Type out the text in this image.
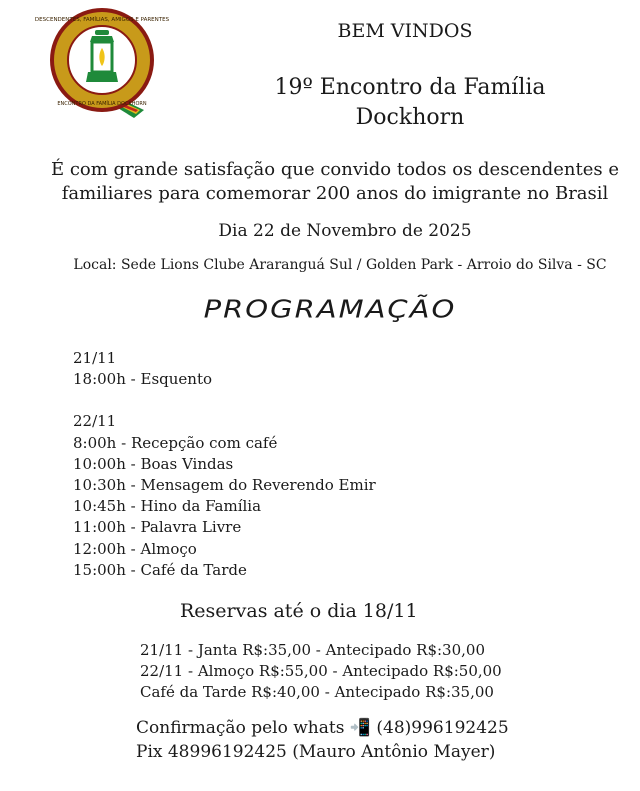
DESCENDENTES, FAMÍLIAS, AMIGOS E PARENTES
ENCONTRO DA FAMÍLIA DOCKHORN
BEM VINDOS
19º Encontro da Família
Dockhorn
É com grande satisfação que convido todos os descendentes e
familiares para comemorar 200 anos do imigrante no Brasil
Dia 22 de Novembro de 2025
Local: Sede Lions Clube Araranguá Sul / Golden Park - Arroio do Silva - SC
PROGRAMAÇÃO
21/11
18:00h - Esquento
22/11
8:00h - Recepção com café
10:00h - Boas Vindas
10:30h - Mensagem do Reverendo Emir
10:45h - Hino da Família
11:00h - Palavra Livre
12:00h - Almoço
15:00h - Café da Tarde
Reservas até o dia 18/11
21/11 - Janta R$:35,00 - Antecipado R$:30,00
22/11 - Almoço R$:55,00 - Antecipado R$:50,00
Café da Tarde R$:40,00 - Antecipado R$:35,00
Confirmação pelo whats 📲 (48)996192425
Pix 48996192425 (Mauro Antônio Mayer)
